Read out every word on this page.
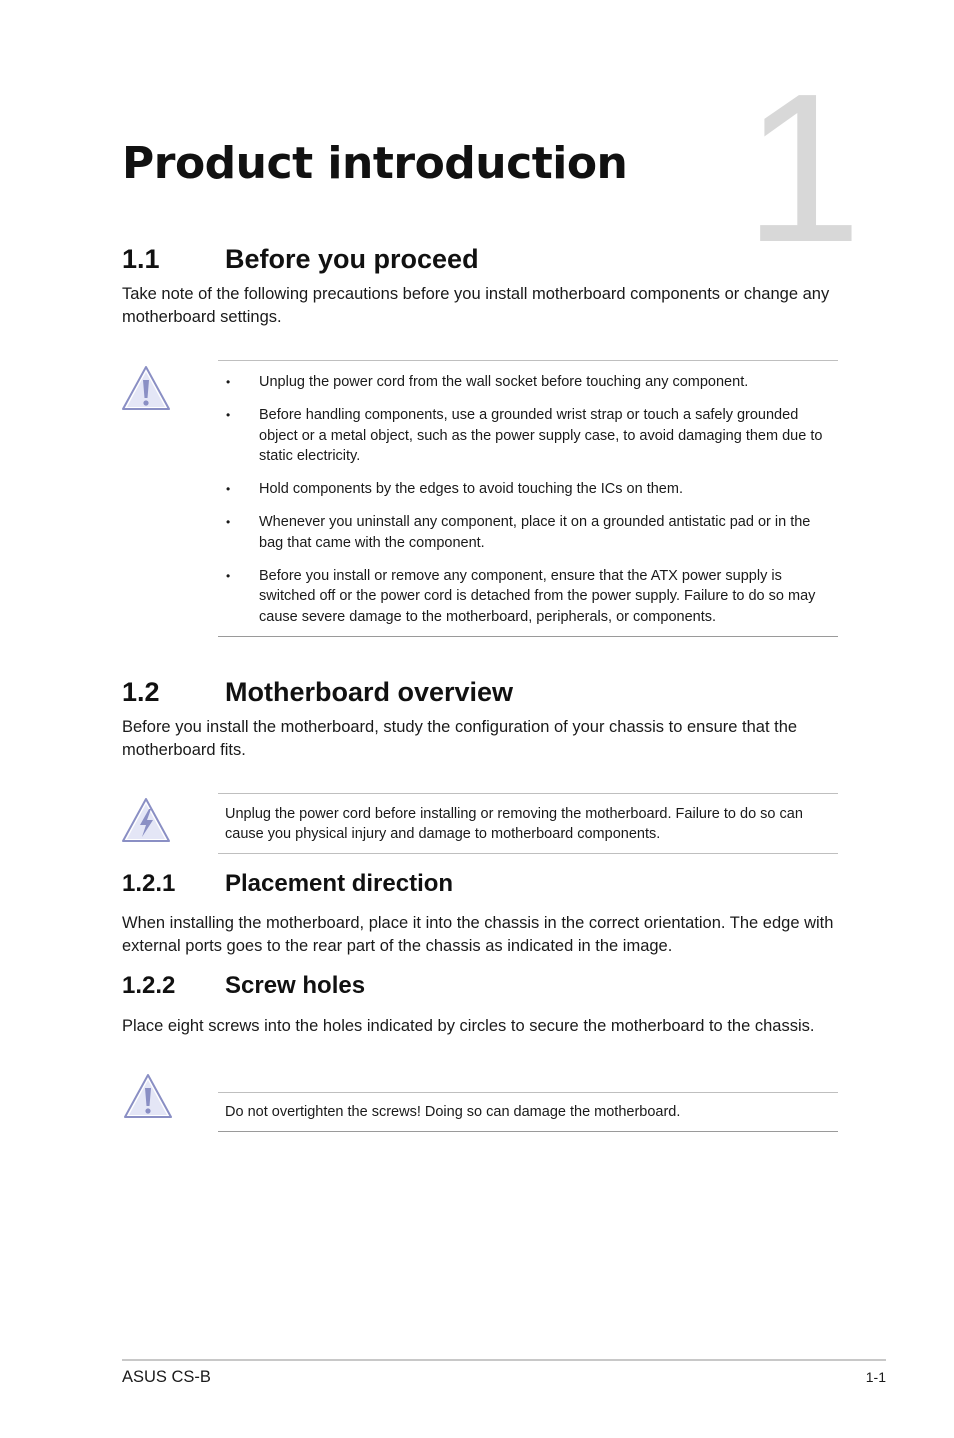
1
Product introduction
1.1 Before you proceed

Take note of the following precautions before you install motherboard components or change any motherboard settings.

• Unplug the power cord from the wall socket before touching any component.
• Before handling components, use a grounded wrist strap or touch a safely grounded object or a metal object, such as the power supply case, to avoid damaging them due to static electricity.
• Hold components by the edges to avoid touching the ICs on them.
• Whenever you uninstall any component, place it on a grounded antistatic pad or in the bag that came with the component.
• Before you install or remove any component, ensure that the ATX power supply is switched off or the power cord is detached from the power supply. Failure to do so may cause severe damage to the motherboard, peripherals, or components.
1.2 Motherboard overview

Before you install the motherboard, study the configuration of your chassis to ensure that the motherboard fits.

Unplug the power cord before installing or removing the motherboard. Failure to do so can cause you physical injury and damage to motherboard components.

1.2.1 Placement direction

When installing the motherboard, place it into the chassis in the correct orientation. The edge with external ports goes to the rear part of the chassis as indicated in the image.

1.2.2 Screw holes

Place eight screws into the holes indicated by circles to secure the motherboard to the chassis.

Do not overtighten the screws! Doing so can damage the motherboard.

ASUS CS-B	1-1
